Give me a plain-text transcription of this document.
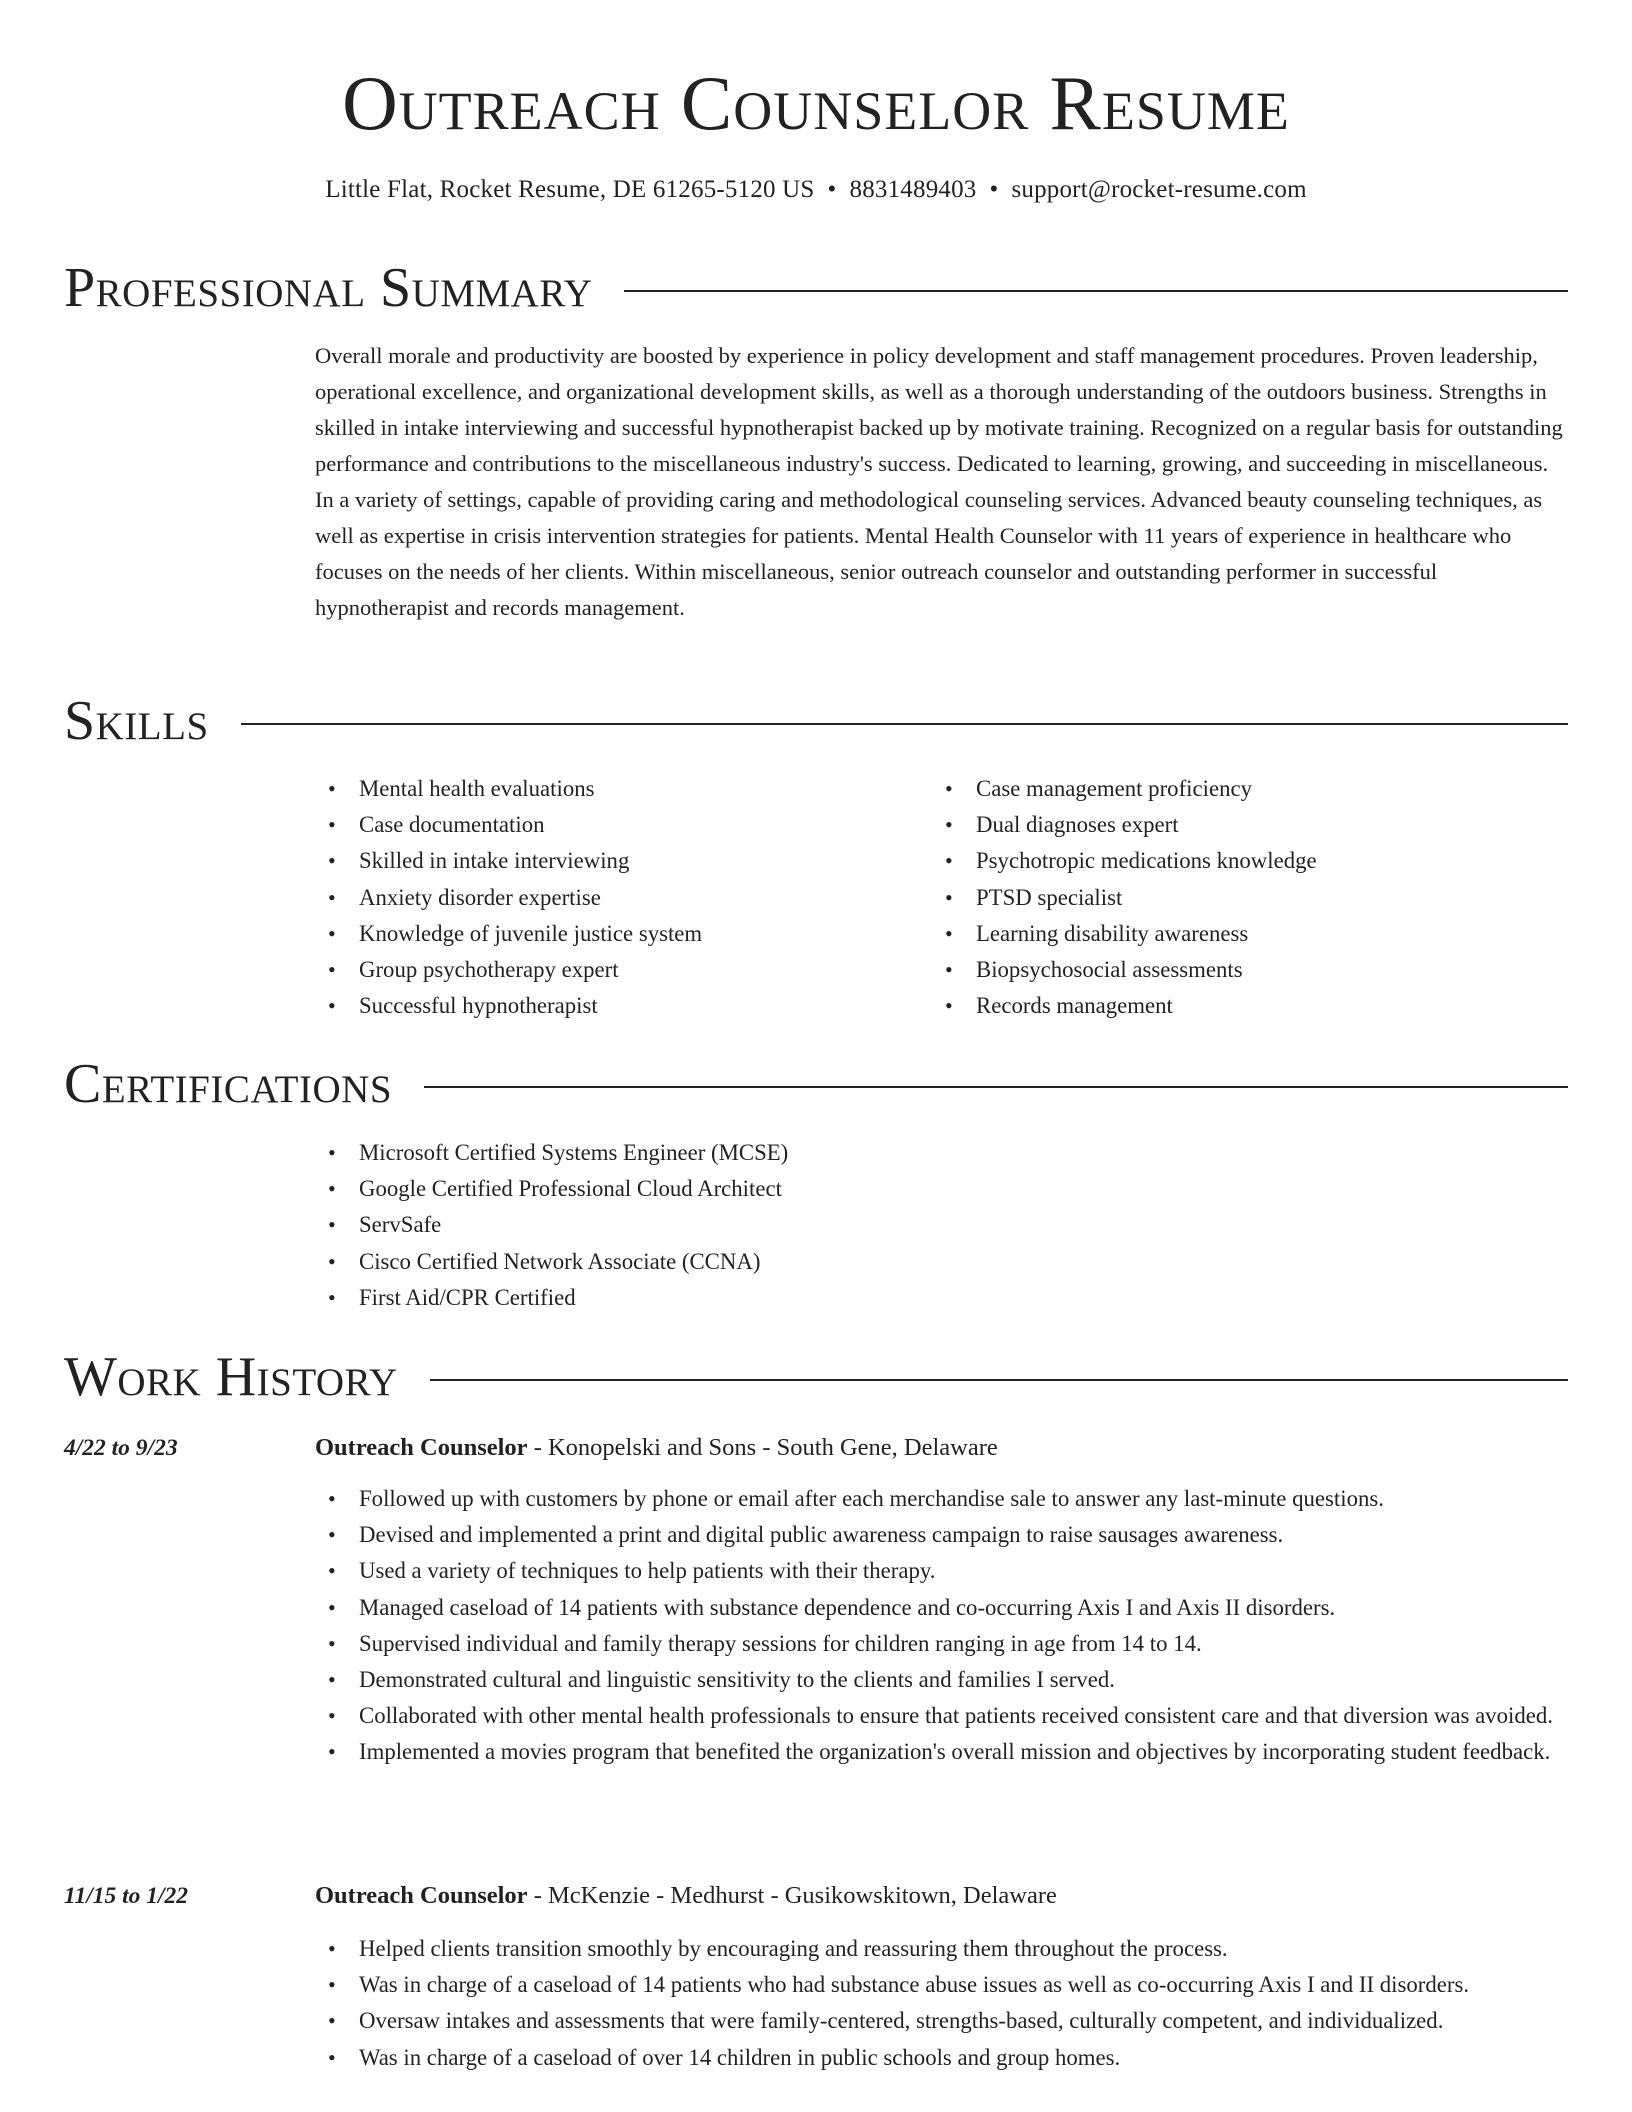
Outreach Counselor Resume
Little Flat, Rocket Resume, DE 61265-5120 US • 8831489403 • support@rocket-resume.com
Professional Summary

Overall morale and productivity are boosted by experience in policy development and staff management procedures. Proven leadership, operational excellence, and organizational development skills, as well as a thorough understanding of the outdoors business. Strengths in skilled in intake interviewing and successful hypnotherapist backed up by motivate training. Recognized on a regular basis for outstanding performance and contributions to the miscellaneous industry's success. Dedicated to learning, growing, and succeeding in miscellaneous. In a variety of settings, capable of providing caring and methodological counseling services. Advanced beauty counseling techniques, as well as expertise in crisis intervention strategies for patients. Mental Health Counselor with 11 years of experience in healthcare who focuses on the needs of her clients. Within miscellaneous, senior outreach counselor and outstanding performer in successful hypnotherapist and records management.

Skills
• Mental health evaluations
• Case documentation
• Skilled in intake interviewing
• Anxiety disorder expertise
• Knowledge of juvenile justice system
• Group psychotherapy expert
• Successful hypnotherapist
• Case management proficiency
• Dual diagnoses expert
• Psychotropic medications knowledge
• PTSD specialist
• Learning disability awareness
• Biopsychosocial assessments
• Records management
Certifications
• Microsoft Certified Systems Engineer (MCSE)
• Google Certified Professional Cloud Architect
• ServSafe
• Cisco Certified Network Associate (CCNA)
• First Aid/CPR Certified
Work History
4/22 to 9/23	Outreach Counselor - Konopelski and Sons - South Gene, Delaware
• Followed up with customers by phone or email after each merchandise sale to answer any last-minute questions.
• Devised and implemented a print and digital public awareness campaign to raise sausages awareness.
• Used a variety of techniques to help patients with their therapy.
• Managed caseload of 14 patients with substance dependence and co-occurring Axis I and Axis II disorders.
• Supervised individual and family therapy sessions for children ranging in age from 14 to 14.
• Demonstrated cultural and linguistic sensitivity to the clients and families I served.
• Collaborated with other mental health professionals to ensure that patients received consistent care and that diversion was avoided.
• Implemented a movies program that benefited the organization's overall mission and objectives by incorporating student feedback.
11/15 to 1/22	Outreach Counselor - McKenzie - Medhurst - Gusikowskitown, Delaware
• Helped clients transition smoothly by encouraging and reassuring them throughout the process.
• Was in charge of a caseload of 14 patients who had substance abuse issues as well as co-occurring Axis I and II disorders.
• Oversaw intakes and assessments that were family-centered, strengths-based, culturally competent, and individualized.
• Was in charge of a caseload of over 14 children in public schools and group homes.
